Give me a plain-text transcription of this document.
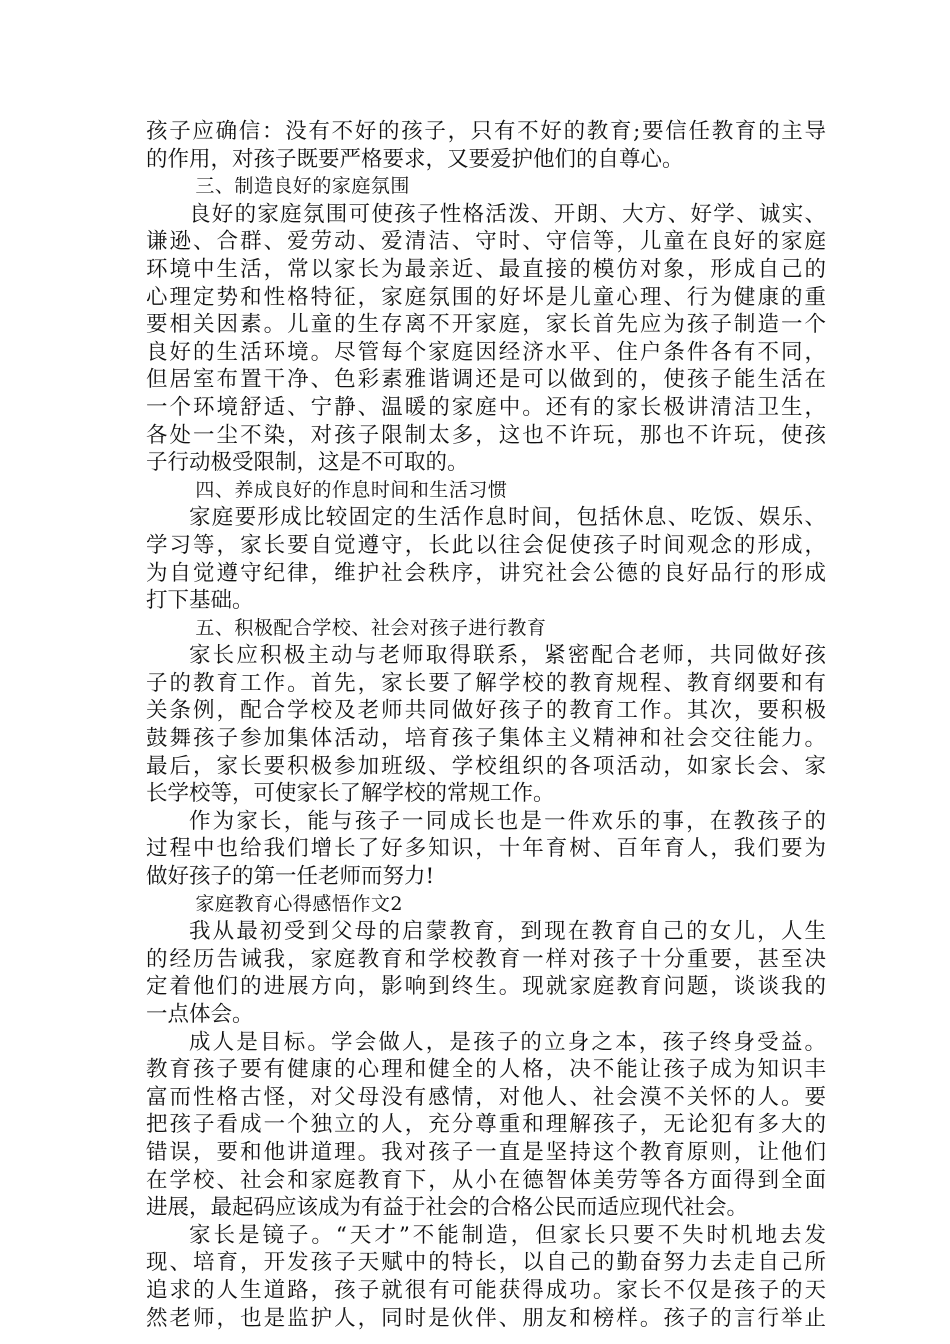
孩子应确信：没有不好的孩子，只有不好的教育;要信任教育的主导
的作用，对孩子既要严格要求，又要爱护他们的自尊心。

三、制造良好的家庭氛围

良好的家庭氛围可使孩子性格活泼、开朗、大方、好学、诚实、
谦逊、合群、爱劳动、爱清洁、守时、守信等，儿童在良好的家庭
环境中生活，常以家长为最亲近、最直接的模仿对象，形成自己的
心理定势和性格特征，家庭氛围的好坏是儿童心理、行为健康的重
要相关因素。儿童的生存离不开家庭，家长首先应为孩子制造一个
良好的生活环境。尽管每个家庭因经济水平、住户条件各有不同，
但居室布置干净、色彩素雅谐调还是可以做到的，使孩子能生活在
一个环境舒适、宁静、温暖的家庭中。还有的家长极讲清洁卫生，
各处一尘不染，对孩子限制太多，这也不许玩，那也不许玩，使孩
子行动极受限制，这是不可取的。

四、养成良好的作息时间和生活习惯

家庭要形成比较固定的生活作息时间，包括休息、吃饭、娱乐、
学习等，家长要自觉遵守，长此以往会促使孩子时间观念的形成，
为自觉遵守纪律，维护社会秩序，讲究社会公德的良好品行的形成
打下基础。

五、积极配合学校、社会对孩子进行教育

家长应积极主动与老师取得联系，紧密配合老师，共同做好孩
子的教育工作。首先，家长要了解学校的教育规程、教育纲要和有
关条例，配合学校及老师共同做好孩子的教育工作。其次，要积极
鼓舞孩子参加集体活动，培育孩子集体主义精神和社会交往能力。
最后，家长要积极参加班级、学校组织的各项活动，如家长会、家
长学校等，可使家长了解学校的常规工作。

作为家长，能与孩子一同成长也是一件欢乐的事，在教孩子的
过程中也给我们增长了好多知识，十年育树、百年育人，我们要为
做好孩子的第一任老师而努力!

家庭教育心得感悟作文2

我从最初受到父母的启蒙教育，到现在教育自己的女儿，人生
的经历告诫我，家庭教育和学校教育一样对孩子十分重要，甚至决
定着他们的进展方向，影响到终生。现就家庭教育问题，谈谈我的
一点体会。

成人是目标。学会做人，是孩子的立身之本，孩子终身受益。
教育孩子要有健康的心理和健全的人格，决不能让孩子成为知识丰
富而性格古怪，对父母没有感情，对他人、社会漠不关怀的人。要
把孩子看成一个独立的人，充分尊重和理解孩子，无论犯有多大的
错误，要和他讲道理。我对孩子一直是坚持这个教育原则，让他们
在学校、社会和家庭教育下，从小在德智体美劳等各方面得到全面
进展，最起码应该成为有益于社会的合格公民而适应现代社会。

家长是镜子。“天才”不能制造，但家长只要不失时机地去发
现、培育，开发孩子天赋中的特长，以自己的勤奋努力去走自己所
追求的人生道路，孩子就很有可能获得成功。家长不仅是孩子的天
然老师，也是监护人，同时是伙伴、朋友和榜样。孩子的言行举止
